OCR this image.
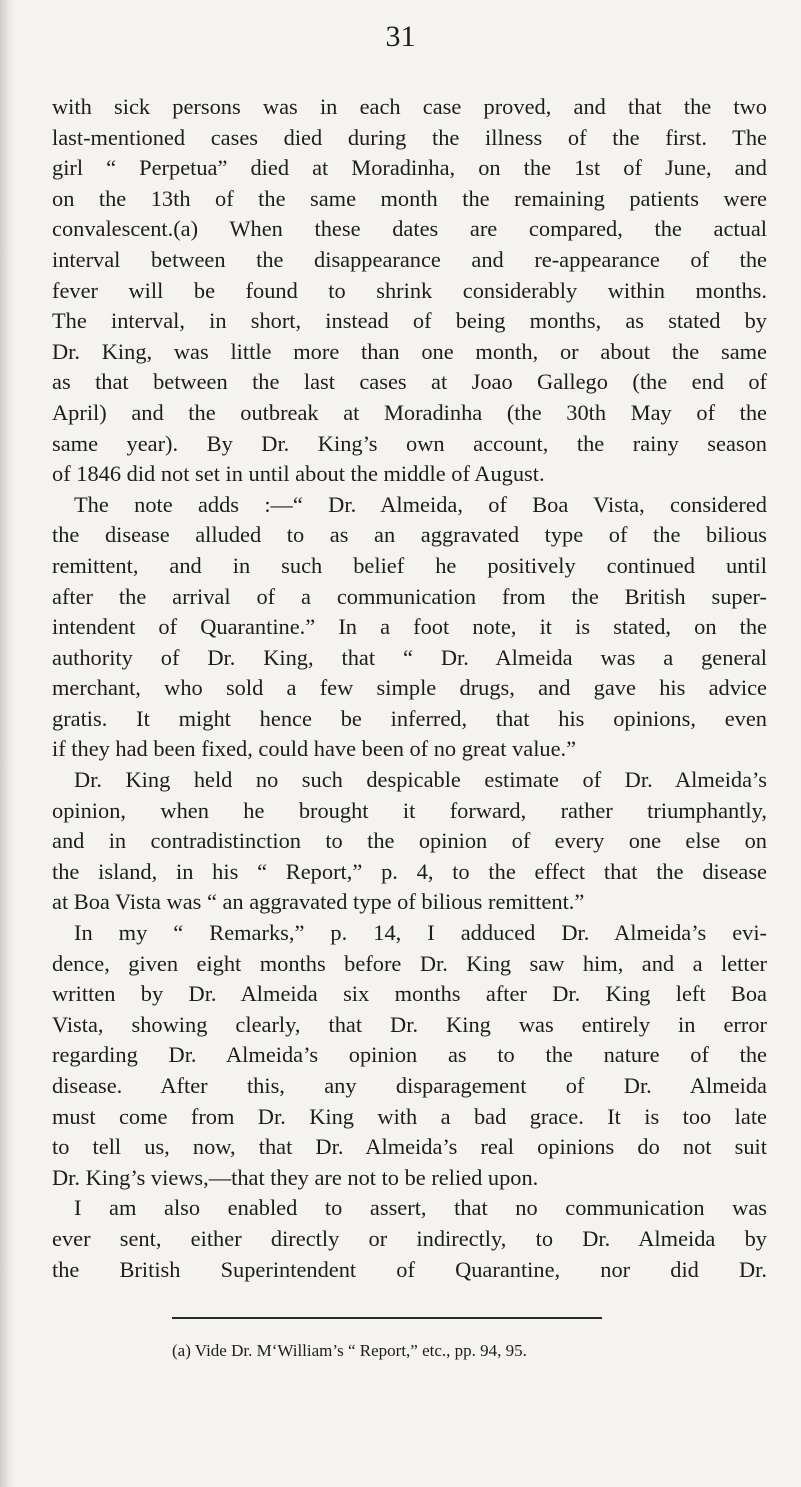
31
with sick persons was in each case proved, and that the two
last-mentioned cases died during the illness of the first. The
girl “ Perpetua” died at Moradinha, on the 1st of June, and
on the 13th of the same month the remaining patients were
convalescent.(a) When these dates are compared, the actual
interval between the disappearance and re-appearance of the
fever will be found to shrink considerably within months.
The interval, in short, instead of being months, as stated by
Dr. King, was little more than one month, or about the same
as that between the last cases at Joao Gallego (the end of
April) and the outbreak at Moradinha (the 30th May of the
same year). By Dr. King’s own account, the rainy season
of 1846 did not set in until about the middle of August.
The note adds :—“ Dr. Almeida, of Boa Vista, considered
the disease alluded to as an aggravated type of the bilious
remittent, and in such belief he positively continued until
after the arrival of a communication from the British super-
intendent of Quarantine.” In a foot note, it is stated, on the
authority of Dr. King, that “ Dr. Almeida was a general
merchant, who sold a few simple drugs, and gave his advice
gratis. It might hence be inferred, that his opinions, even
if they had been fixed, could have been of no great value.”
Dr. King held no such despicable estimate of Dr. Almeida’s
opinion, when he brought it forward, rather triumphantly,
and in contradistinction to the opinion of every one else on
the island, in his “ Report,” p. 4, to the effect that the disease
at Boa Vista was “ an aggravated type of bilious remittent.”
In my “ Remarks,” p. 14, I adduced Dr. Almeida’s evi-
dence, given eight months before Dr. King saw him, and a letter
written by Dr. Almeida six months after Dr. King left Boa
Vista, showing clearly, that Dr. King was entirely in error
regarding Dr. Almeida’s opinion as to the nature of the
disease. After this, any disparagement of Dr. Almeida
must come from Dr. King with a bad grace. It is too late
to tell us, now, that Dr. Almeida’s real opinions do not suit
Dr. King’s views,—that they are not to be relied upon.
I am also enabled to assert, that no communication was
ever sent, either directly or indirectly, to Dr. Almeida by
the British Superintendent of Quarantine, nor did Dr.
(a) Vide Dr. M‘William’s “ Report,” etc., pp. 94, 95.
